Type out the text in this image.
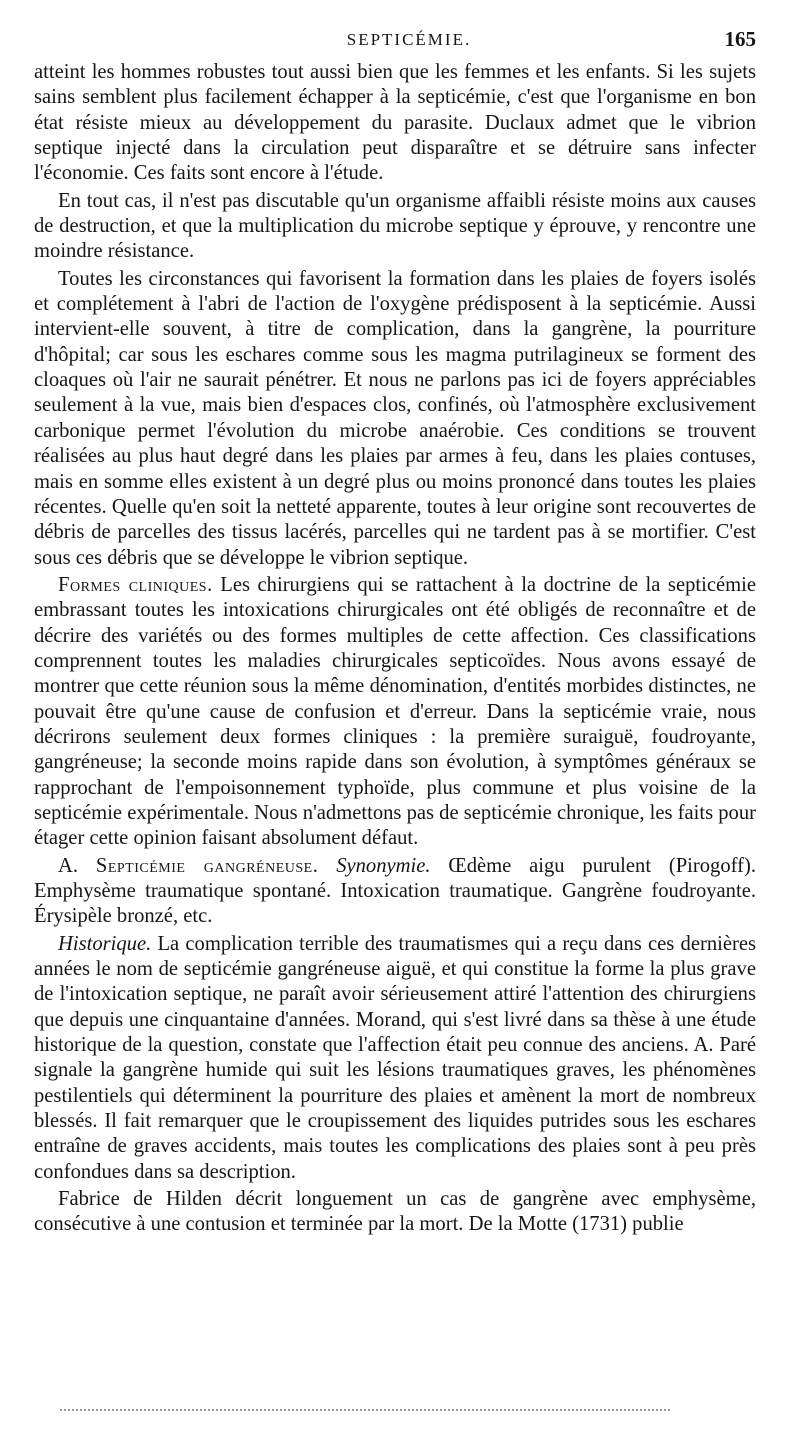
SEPTICÉMIE.	165

atteint les hommes robustes tout aussi bien que les femmes et les enfants. Si les sujets sains semblent plus facilement échapper à la septicémie, c'est que l'organisme en bon état résiste mieux au développement du parasite. Duclaux admet que le vibrion septique injecté dans la circulation peut disparaître et se détruire sans infecter l'économie. Ces faits sont encore à l'étude.

En tout cas, il n'est pas discutable qu'un organisme affaibli résiste moins aux causes de destruction, et que la multiplication du microbe septique y éprouve, y rencontre une moindre résistance.

Toutes les circonstances qui favorisent la formation dans les plaies de foyers isolés et complétement à l'abri de l'action de l'oxygène prédisposent à la septicémie. Aussi intervient-elle souvent, à titre de complication, dans la gangrène, la pourriture d'hôpital; car sous les eschares comme sous les magma putrilagineux se forment des cloaques où l'air ne saurait pénétrer. Et nous ne parlons pas ici de foyers appréciables seulement à la vue, mais bien d'espaces clos, confinés, où l'atmosphère exclusivement carbonique permet l'évolution du microbe anaérobie. Ces conditions se trouvent réalisées au plus haut degré dans les plaies par armes à feu, dans les plaies contuses, mais en somme elles existent à un degré plus ou moins prononcé dans toutes les plaies récentes. Quelle qu'en soit la netteté apparente, toutes à leur origine sont recouvertes de débris de parcelles des tissus lacérés, parcelles qui ne tardent pas à se mortifier. C'est sous ces débris que se développe le vibrion septique.

Formes cliniques. Les chirurgiens qui se rattachent à la doctrine de la septicémie embrassant toutes les intoxications chirurgicales ont été obligés de reconnaître et de décrire des variétés ou des formes multiples de cette affection. Ces classifications comprennent toutes les maladies chirurgicales septicoïdes. Nous avons essayé de montrer que cette réunion sous la même dénomination, d'entités morbides distinctes, ne pouvait être qu'une cause de confusion et d'erreur. Dans la septicémie vraie, nous décrirons seulement deux formes cliniques : la première suraiguë, foudroyante, gangréneuse; la seconde moins rapide dans son évolution, à symptômes généraux se rapprochant de l'empoisonnement typhoïde, plus commune et plus voisine de la septicémie expérimentale. Nous n'admettons pas de septicémie chronique, les faits pour étager cette opinion faisant absolument défaut.

A. Septicémie gangréneuse. Synonymie. Œdème aigu purulent (Pirogoff). Emphysème traumatique spontané. Intoxication traumatique. Gangrène foudroyante. Érysipèle bronzé, etc.

Historique. La complication terrible des traumatismes qui a reçu dans ces dernières années le nom de septicémie gangréneuse aiguë, et qui constitue la forme la plus grave de l'intoxication septique, ne paraît avoir sérieusement attiré l'attention des chirurgiens que depuis une cinquantaine d'années. Morand, qui s'est livré dans sa thèse à une étude historique de la question, constate que l'affection était peu connue des anciens. A. Paré signale la gangrène humide qui suit les lésions traumatiques graves, les phénomènes pestilentiels qui déterminent la pourriture des plaies et amènent la mort de nombreux blessés. Il fait remarquer que le croupissement des liquides putrides sous les eschares entraîne de graves accidents, mais toutes les complications des plaies sont à peu près confondues dans sa description.

Fabrice de Hilden décrit longuement un cas de gangrène avec emphysème, consécutive à une contusion et terminée par la mort. De la Motte (1731) publie
